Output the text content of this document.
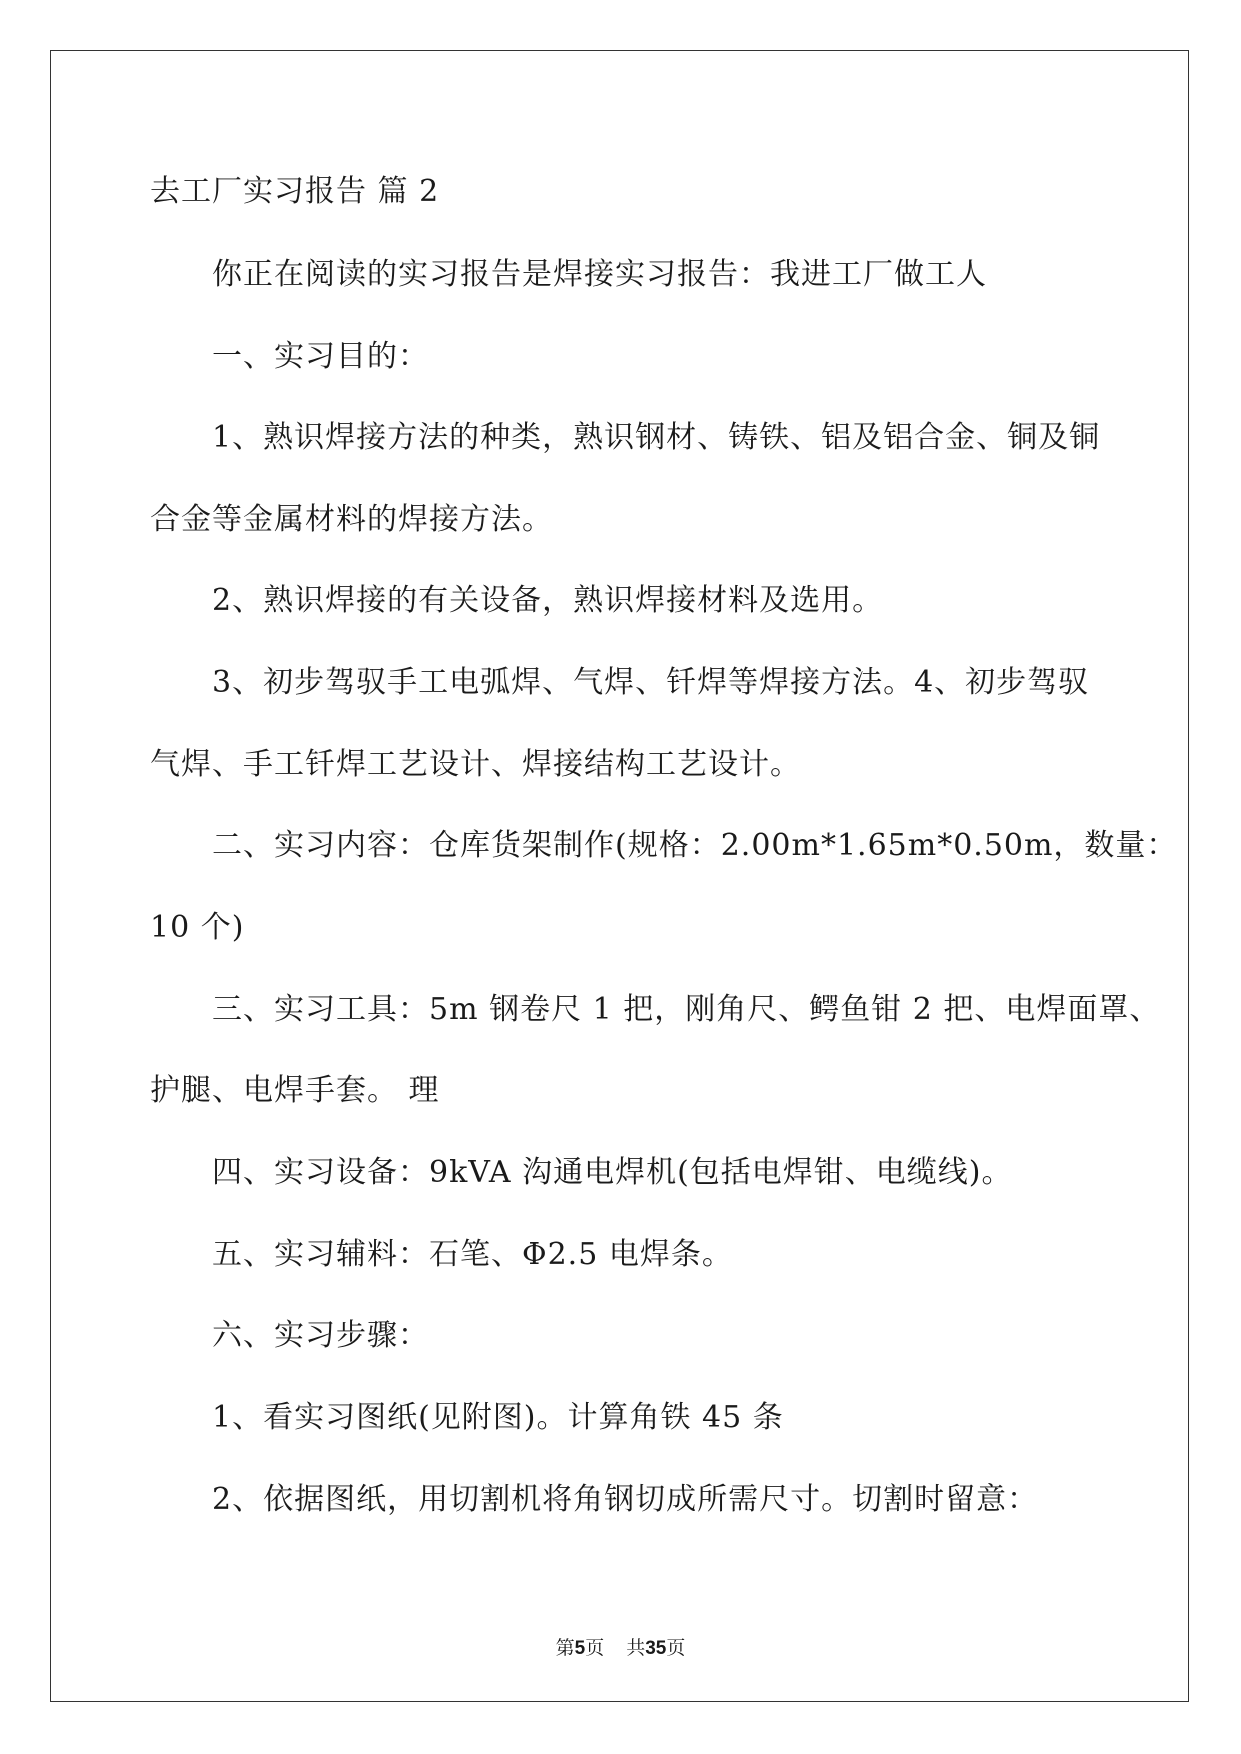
去工厂实习报告 篇 2
你正在阅读的实习报告是焊接实习报告：我进工厂做工人
一、实习目的：
1、熟识焊接方法的种类，熟识钢材、铸铁、铝及铝合金、铜及铜
合金等金属材料的焊接方法。
2、熟识焊接的有关设备，熟识焊接材料及选用。
3、初步驾驭手工电弧焊、气焊、钎焊等焊接方法。4、初步驾驭
气焊、手工钎焊工艺设计、焊接结构工艺设计。
二、实习内容：仓库货架制作(规格：2.00m*1.65m*0.50m，数量：
10 个)
三、实习工具：5m 钢卷尺 1 把，刚角尺、鳄鱼钳 2 把、电焊面罩、
护腿、电焊手套。 理
四、实习设备：9kVA 沟通电焊机(包括电焊钳、电缆线)。
五、实习辅料：石笔、Φ2.5 电焊条。
六、实习步骤：
1、看实习图纸(见附图)。计算角铁 45 条
2、依据图纸，用切割机将角钢切成所需尺寸。切割时留意：
第5页 共35页
